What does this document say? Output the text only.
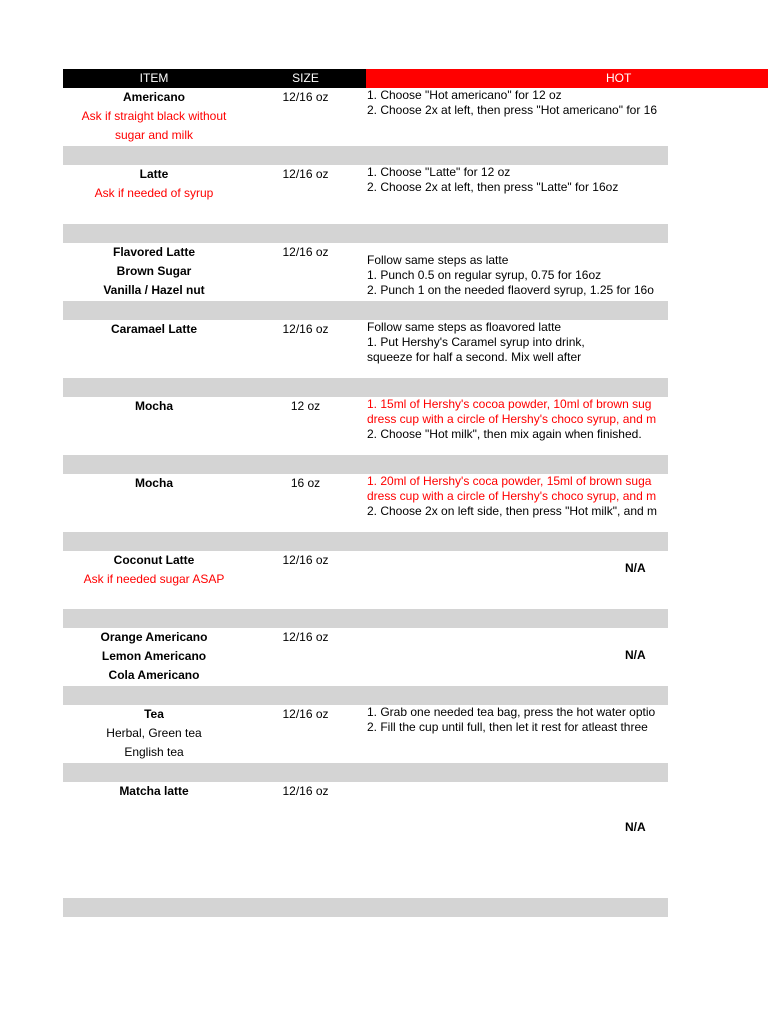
ITEM	SIZE	HOT
Americano
Ask if straight black without
sugar and milk
12/16 oz	1. Choose "Hot americano" for 12 oz
2. Choose 2x at left, then press "Hot americano" for 16
Latte
Ask if needed of syrup
12/16 oz	1. Choose "Latte" for 12 oz
2. Choose 2x at left, then press "Latte" for 16oz
Flavored Latte
Brown Sugar
Vanilla / Hazel nut
12/16 oz
Follow same steps as latte
1. Punch 0.5 on regular syrup, 0.75 for 16oz
2. Punch 1 on the needed flaoverd syrup, 1.25 for 16o
Caramael Latte	12/16 oz	Follow same steps as floavored latte
1. Put Hershy's Caramel syrup into drink,
squeeze for half a second. Mix well after
Mocha	12 oz	1. 15ml of Hershy's cocoa powder, 10ml of brown sug
dress cup with a circle of Hershy's choco syrup, and m
2. Choose "Hot milk", then mix again when finished.
Mocha	16 oz	1. 20ml of Hershy's coca powder, 15ml of brown suga
dress cup with a circle of Hershy's choco syrup, and m
2. Choose 2x on left side, then press "Hot milk", and m
Coconut Latte
Ask if needed sugar ASAP
12/16 oz
N/A
Orange Americano
Lemon Americano
Cola Americano
12/16 oz
N/A
Tea
Herbal, Green tea
English tea
12/16 oz	1. Grab one needed tea bag, press the hot water optio
2. Fill the cup until full, then let it rest for atleast three
Matcha latte	12/16 oz
N/A
